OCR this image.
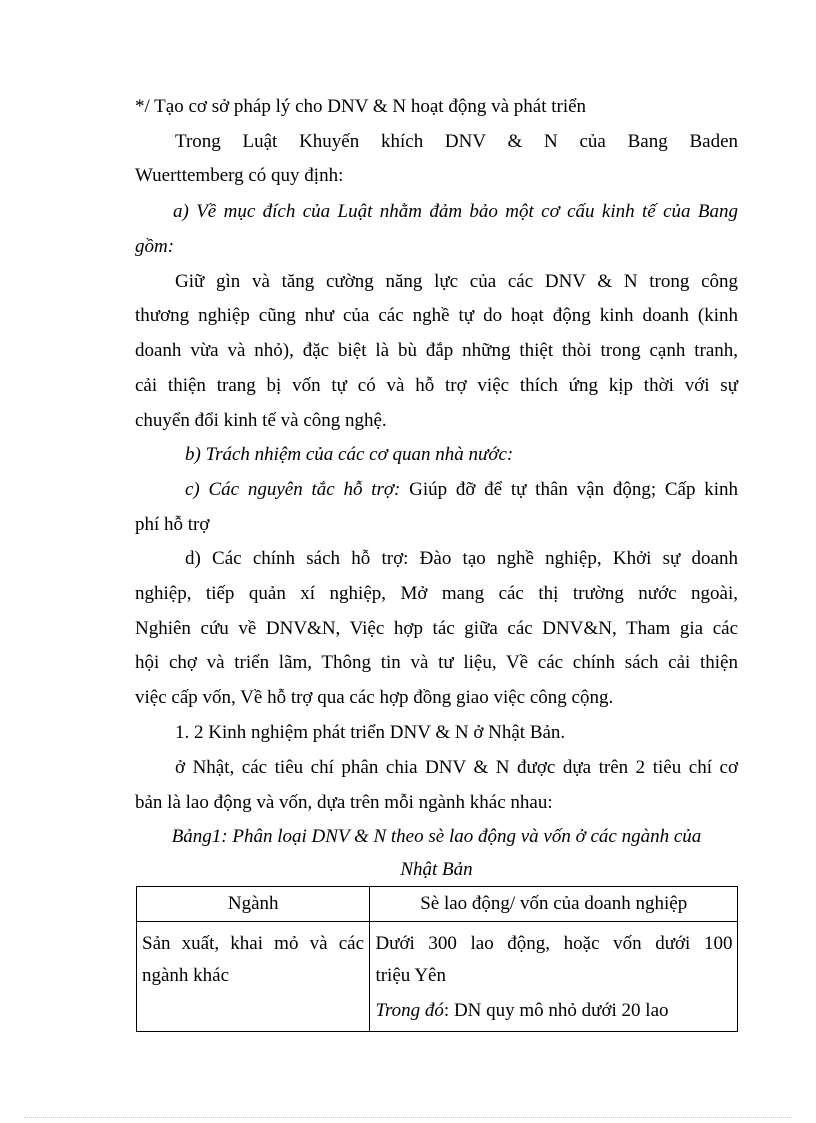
*/ Tạo cơ sở pháp lý cho DNV & N hoạt động và phát triển
Trong Luật Khuyến khích DNV & N của Bang Baden
Wuerttemberg có quy định:
a) Về mục đích của Luật nhằm đảm bảo một cơ cấu kinh tế của Bang
gồm:
Giữ gìn và tăng cường năng lực của các DNV & N trong công
thương nghiệp cũng như của các nghề tự do hoạt động kinh doanh (kinh
doanh vừa và nhỏ), đặc biệt là bù đắp những thiệt thòi trong cạnh tranh,
cải thiện trang bị vốn tự có và hỗ trợ việc thích ứng kịp thời với sự
chuyển đổi kinh tế và công nghệ.
b) Trách nhiệm của các cơ quan nhà nước:
c) Các nguyên tắc hỗ trợ: Giúp đỡ để tự thân vận động; Cấp kinh
phí hỗ trợ
d) Các chính sách hỗ trợ: Đào tạo nghề nghiệp, Khởi sự doanh
nghiệp, tiếp quản xí nghiệp, Mở mang các thị trường nước ngoài,
Nghiên cứu về DNV&N, Việc hợp tác giữa các DNV&N, Tham gia các
hội chợ và triển lãm, Thông tin và tư liệu, Về các chính sách cải thiện
việc cấp vốn, Về hỗ trợ qua các hợp đồng giao việc công cộng.
1. 2 Kinh nghiệm phát triển DNV & N ở Nhật Bản.
ở Nhật, các tiêu chí phân chia DNV & N được dựa trên 2 tiêu chí cơ
bản là lao động và vốn, dựa trên mỗi ngành khác nhau:
Bảng1: Phân loại DNV & N theo sè lao động và vốn ở các ngành của
Nhật Bản
Ngành	Sè lao động/ vốn của doanh nghiệp

Sản xuất, khai mỏ và các
ngành khác	Dưới 300 lao động, hoặc vốn dưới 100
triệu Yên
Trong đó: DN quy mô nhỏ dưới 20 lao
